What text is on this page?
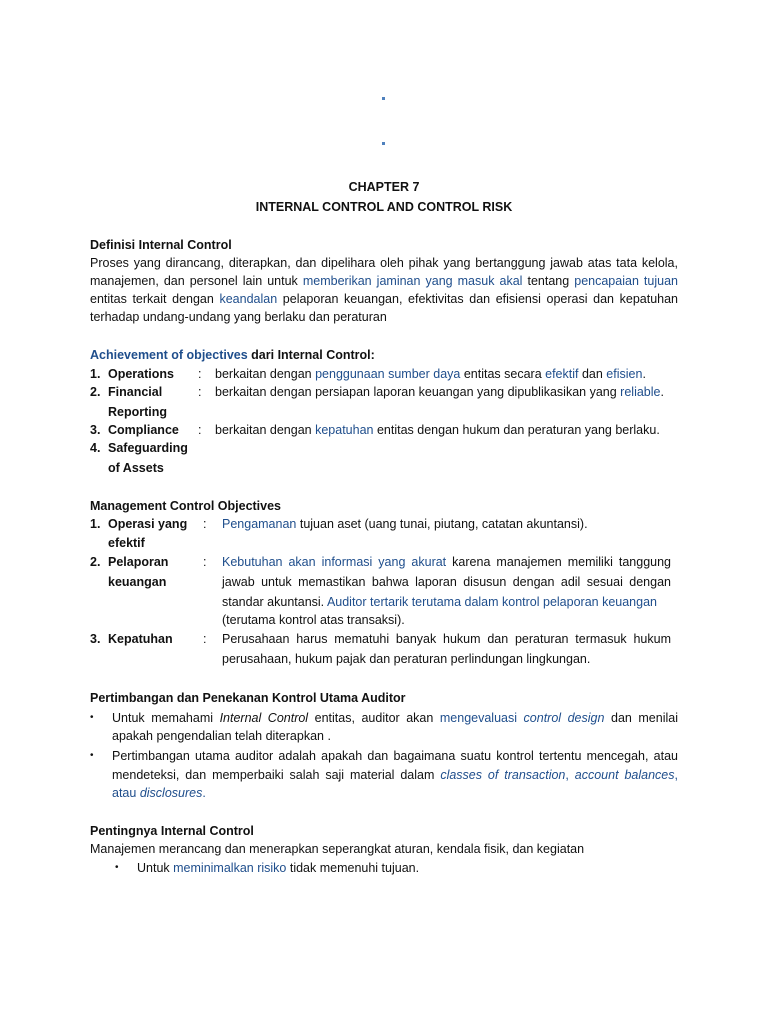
CHAPTER 7
INTERNAL CONTROL AND CONTROL RISK
Definisi Internal Control
Proses yang dirancang, diterapkan, dan dipelihara oleh pihak yang bertanggung jawab atas tata kelola,
manajemen, dan personel lain untuk memberikan jaminan yang masuk akal tentang pencapaian tujuan
entitas terkait dengan keandalan pelaporan keuangan, efektivitas dan efisiensi operasi dan kepatuhan
terhadap undang-undang yang berlaku dan peraturan
Achievement of objectives dari Internal Control:
1. Operations : berkaitan dengan penggunaan sumber daya entitas secara efektif dan efisien.
2. Financial
Reporting
: berkaitan dengan persiapan laporan keuangan yang dipublikasikan yang reliable.
3. Compliance : berkaitan dengan kepatuhan entitas dengan hukum dan peraturan yang berlaku.
4. Safeguarding
of Assets
Management Control Objectives
1. Operasi yang
efektif
: Pengamanan tujuan aset (uang tunai, piutang, catatan akuntansi).
2. Pelaporan
keuangan
: Kebutuhan akan informasi yang akurat karena manajemen memiliki tanggung
jawab untuk memastikan bahwa laporan disusun dengan adil sesuai dengan
standar akuntansi. Auditor tertarik terutama dalam kontrol pelaporan keuangan
(terutama kontrol atas transaksi).
3. Kepatuhan : Perusahaan harus mematuhi banyak hukum dan peraturan termasuk hukum
perusahaan, hukum pajak dan peraturan perlindungan lingkungan.
Pertimbangan dan Penekanan Kontrol Utama Auditor
• Untuk memahami Internal Control entitas, auditor akan mengevaluasi control design dan menilai
apakah pengendalian telah diterapkan .
• Pertimbangan utama auditor adalah apakah dan bagaimana suatu kontrol tertentu mencegah, atau
mendeteksi, dan memperbaiki salah saji material dalam classes of transaction, account balances,
atau disclosures.
Pentingnya Internal Control
Manajemen merancang dan menerapkan seperangkat aturan, kendala fisik, dan kegiatan
• Untuk meminimalkan risiko tidak memenuhi tujuan.
